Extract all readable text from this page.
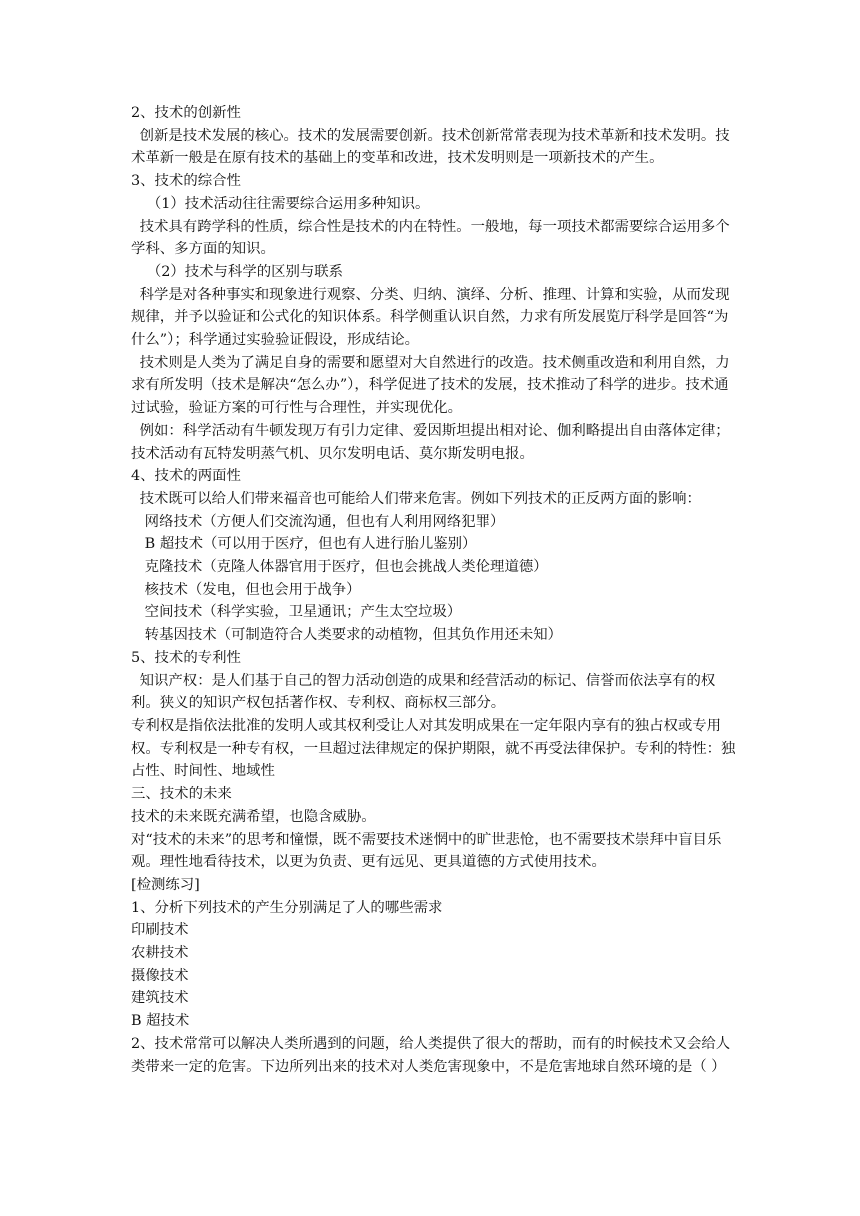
2、技术的创新性

创新是技术发展的核心。技术的发展需要创新。技术创新常常表现为技术革新和技术发明。技术革新一般是在原有技术的基础上的变革和改进，技术发明则是一项新技术的产生。

3、技术的综合性

（1）技术活动往往需要综合运用多种知识。

技术具有跨学科的性质，综合性是技术的内在特性。一般地，每一项技术都需要综合运用多个学科、多方面的知识。

（2）技术与科学的区别与联系

科学是对各种事实和现象进行观察、分类、归纳、演绎、分析、推理、计算和实验，从而发现规律，并予以验证和公式化的知识体系。科学侧重认识自然，力求有所发展览厅科学是回答“为什么”）；科学通过实验验证假设，形成结论。

技术则是人类为了满足自身的需要和愿望对大自然进行的改造。技术侧重改造和利用自然，力求有所发明（技术是解决“怎么办”），科学促进了技术的发展，技术推动了科学的进步。技术通过试验，验证方案的可行性与合理性，并实现优化。

例如：科学活动有牛顿发现万有引力定律、爱因斯坦提出相对论、伽利略提出自由落体定律；技术活动有瓦特发明蒸气机、贝尔发明电话、莫尔斯发明电报。

4、技术的两面性

技术既可以给人们带来福音也可能给人们带来危害。例如下列技术的正反两方面的影响：

网络技术（方便人们交流沟通，但也有人利用网络犯罪）

B 超技术（可以用于医疗，但也有人进行胎儿鉴别）

克隆技术（克隆人体器官用于医疗，但也会挑战人类伦理道德）

核技术（发电，但也会用于战争）

空间技术（科学实验，卫星通讯；产生太空垃圾）

转基因技术（可制造符合人类要求的动植物，但其负作用还未知）

5、技术的专利性

知识产权：是人们基于自己的智力活动创造的成果和经营活动的标记、信誉而依法享有的权利。狭义的知识产权包括著作权、专利权、商标权三部分。

专利权是指依法批准的发明人或其权利受让人对其发明成果在一定年限内享有的独占权或专用权。专利权是一种专有权，一旦超过法律规定的保护期限，就不再受法律保护。专利的特性：独占性、时间性、地域性

三、技术的未来

技术的未来既充满希望，也隐含威胁。

对“技术的未来”的思考和憧憬，既不需要技术迷惘中的旷世悲怆，也不需要技术崇拜中盲目乐观。理性地看待技术，以更为负责、更有远见、更具道德的方式使用技术。

[检测练习]

1、分析下列技术的产生分别满足了人的哪些需求

印刷技术

农耕技术

摄像技术

建筑技术

B 超技术

2、技术常常可以解决人类所遇到的问题，给人类提供了很大的帮助，而有的时候技术又会给人类带来一定的危害。下边所列出来的技术对人类危害现象中，不是危害地球自然环境的是（ ）
